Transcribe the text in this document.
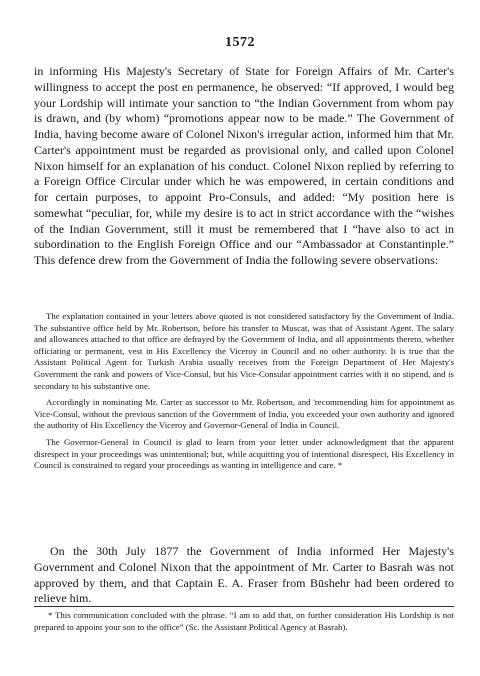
1572
in informing His Majesty's Secretary of State for Foreign Affairs of Mr. Carter's willingness to accept the post en permanence, he observed: “If approved, I would beg your Lordship will intimate your sanction to “the Indian Government from whom pay is drawn, and (by whom) “promotions appear now to be made.” The Government of India, having become aware of Colonel Nixon's irregular action, informed him that Mr. Carter's appointment must be regarded as provisional only, and called upon Colonel Nixon himself for an explanation of his conduct. Colonel Nixon replied by referring to a Foreign Office Circular under which he was empowered, in certain conditions and for certain purposes, to appoint Pro-Consuls, and added: “My position here is somewhat “peculiar, for, while my desire is to act in strict accordance with the “wishes of the Indian Government, still it must be remembered that I “have also to act in subordination to the English Foreign Office and our “Ambassador at Constantinple.” This defence drew from the Government of India the following severe observations:

The explanation contained in your letters above quoted is not considered satisfactory by the Government of India. The substantive office held by Mr. Robertson, before his transfer to Muscat, was that of Assistant Agent. The salary and allowances attached to that office are defrayed by the Government of India, and all appointments thereto, whether officiating or permanent, vest in His Excellency the Viceroy in Council and no other authority. It is true that the Assistant Political Agent for Turkish Arabia usually receives from the Foreign Department of Her Majesty's Government the rank and powers of Vice-Consul, but his Vice-Consular appointment carries with it no stipend, and is secondary to his substantive one.

Accordingly in nominating Mr. Carter as successor to Mr. Robertson, and 'recommending him for appointment as Vice-Consul, without the previous sanction of the Government of India, you exceeded your own authority and ignored the authority of His Excellency the Viceroy and Governor-General of India in Council.

The Governor-General in Council is glad to learn from your letter under acknowledgment that the apparent disrespect in your proceedings was unintentional; but, while acquitting you of intentional disrespect, His Excellency in Council is constrained to regard your proceedings as wanting in intelligence and care. *

On the 30th July 1877 the Government of India informed Her Majesty's Government and Colonel Nixon that the appointment of Mr. Carter to Basrah was not approved by them, and that Captain E. A. Fraser from Būshehr had been ordered to relieve him.
* This communication concluded with the phrase. “I am to add that, on further consideration His Lordship is not prepared to appoint your son to the office” (Sc. the Assistant Political Agency at Basrah).
